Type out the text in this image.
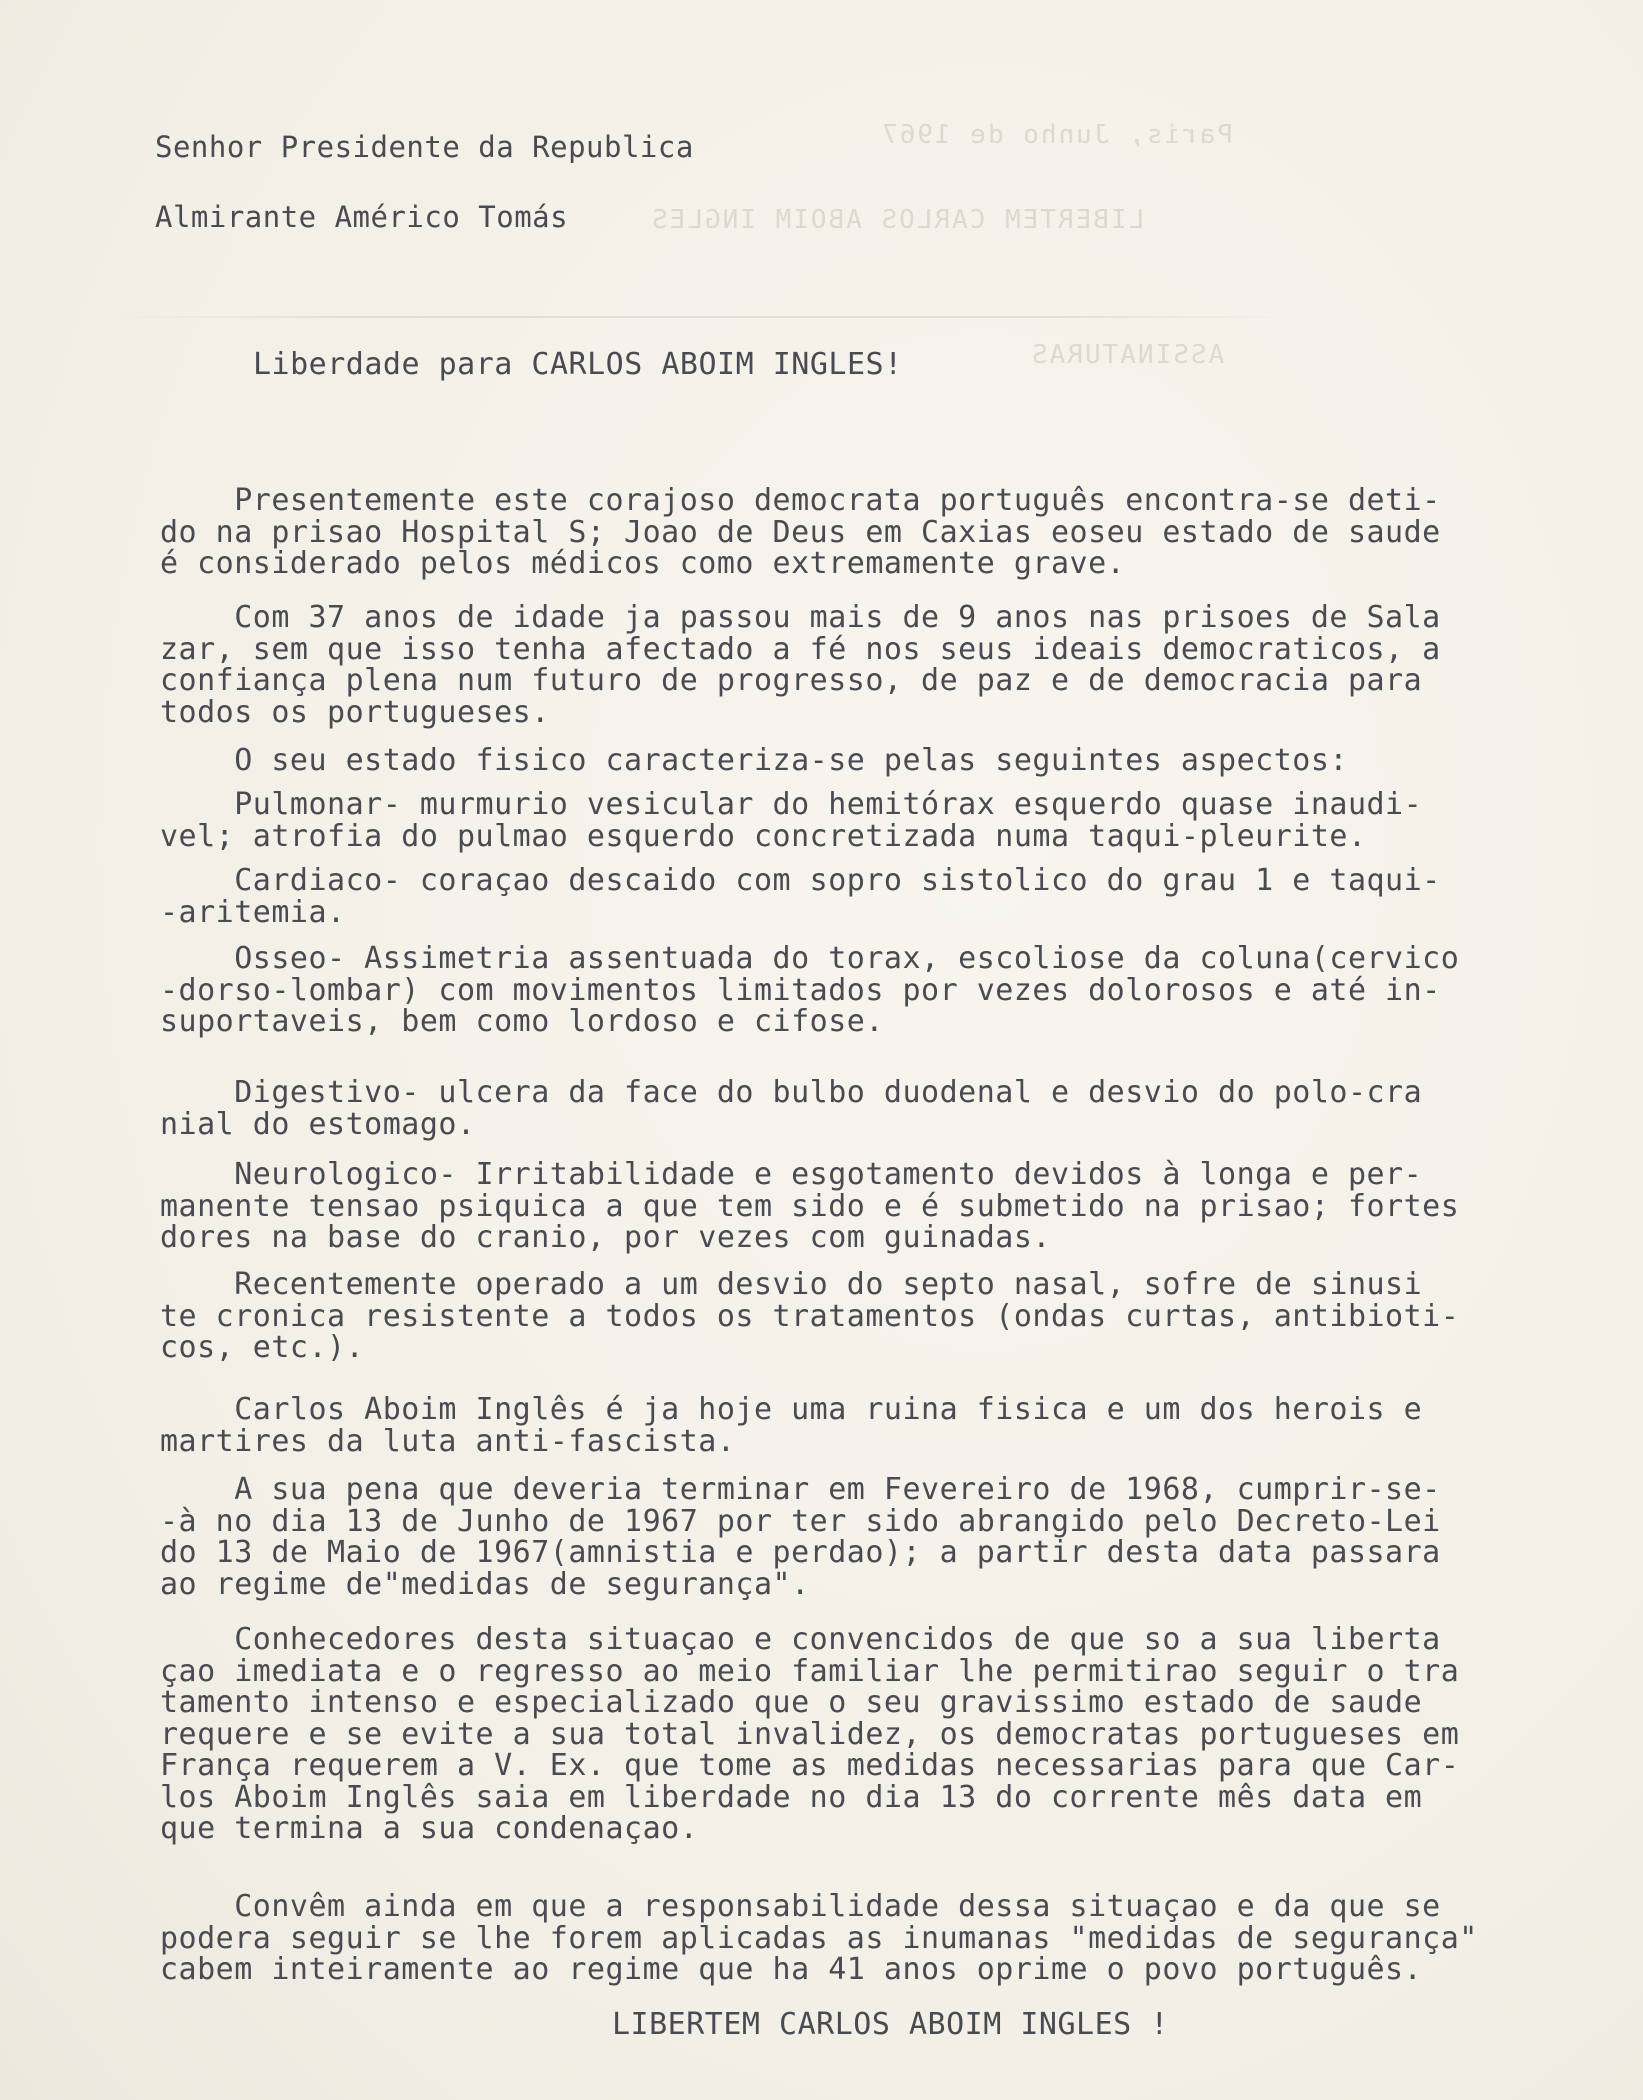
Paris, Junho de 1967
LIBERTEM CARLOS ABOIM INGLES
ASSINATURAS
Senhor Presidente da Republica
Almirante Américo Tomás
Liberdade para CARLOS ABOIM INGLES!
Presentemente este corajoso democrata português encontra-se deti-
do na prisao Hospital S; Joao de Deus em Caxias eoseu estado de saude
é considerado pelos médicos como extremamente grave.
Com 37 anos de idade ja passou mais de 9 anos nas prisoes de Sala
zar, sem que isso tenha afectado a fé nos seus ideais democraticos, a
confiança plena num futuro de progresso, de paz e de democracia para
todos os portugueses.
O seu estado fisico caracteriza-se pelas seguintes aspectos:
Pulmonar- murmurio vesicular do hemitórax esquerdo quase inaudi-
vel; atrofia do pulmao esquerdo concretizada numa taqui-pleurite.
Cardiaco- coraçao descaido com sopro sistolico do grau 1 e taqui-
-aritemia.
Osseo- Assimetria assentuada do torax, escoliose da coluna(cervico
-dorso-lombar) com movimentos limitados por vezes dolorosos e até in-
suportaveis, bem como lordoso e cifose.
Digestivo- ulcera da face do bulbo duodenal e desvio do polo-cra
nial do estomago.
Neurologico- Irritabilidade e esgotamento devidos à longa e per-
manente tensao psiquica a que tem sido e é submetido na prisao; fortes
dores na base do cranio, por vezes com guinadas.
Recentemente operado a um desvio do septo nasal, sofre de sinusi
te cronica resistente a todos os tratamentos (ondas curtas, antibioti-
cos, etc.).
Carlos Aboim Inglês é ja hoje uma ruina fisica e um dos herois e
martires da luta anti-fascista.
A sua pena que deveria terminar em Fevereiro de 1968, cumprir-se-
-à no dia 13 de Junho de 1967 por ter sido abrangido pelo Decreto-Lei
do 13 de Maio de 1967(amnistia e perdao); a partir desta data passara
ao regime de"medidas de segurança".
Conhecedores desta situaçao e convencidos de que so a sua liberta
çao imediata e o regresso ao meio familiar lhe permitirao seguir o tra
tamento intenso e especializado que o seu gravissimo estado de saude
requere e se evite a sua total invalidez, os democratas portugueses em
França requerem a V. Ex. que tome as medidas necessarias para que Car-
los Aboim Inglês saia em liberdade no dia 13 do corrente mês data em
que termina a sua condenaçao.
Convêm ainda em que a responsabilidade dessa situaçao e da que se
podera seguir se lhe forem aplicadas as inumanas "medidas de segurança"
cabem inteiramente ao regime que ha 41 anos oprime o povo português.
LIBERTEM CARLOS ABOIM INGLES !
